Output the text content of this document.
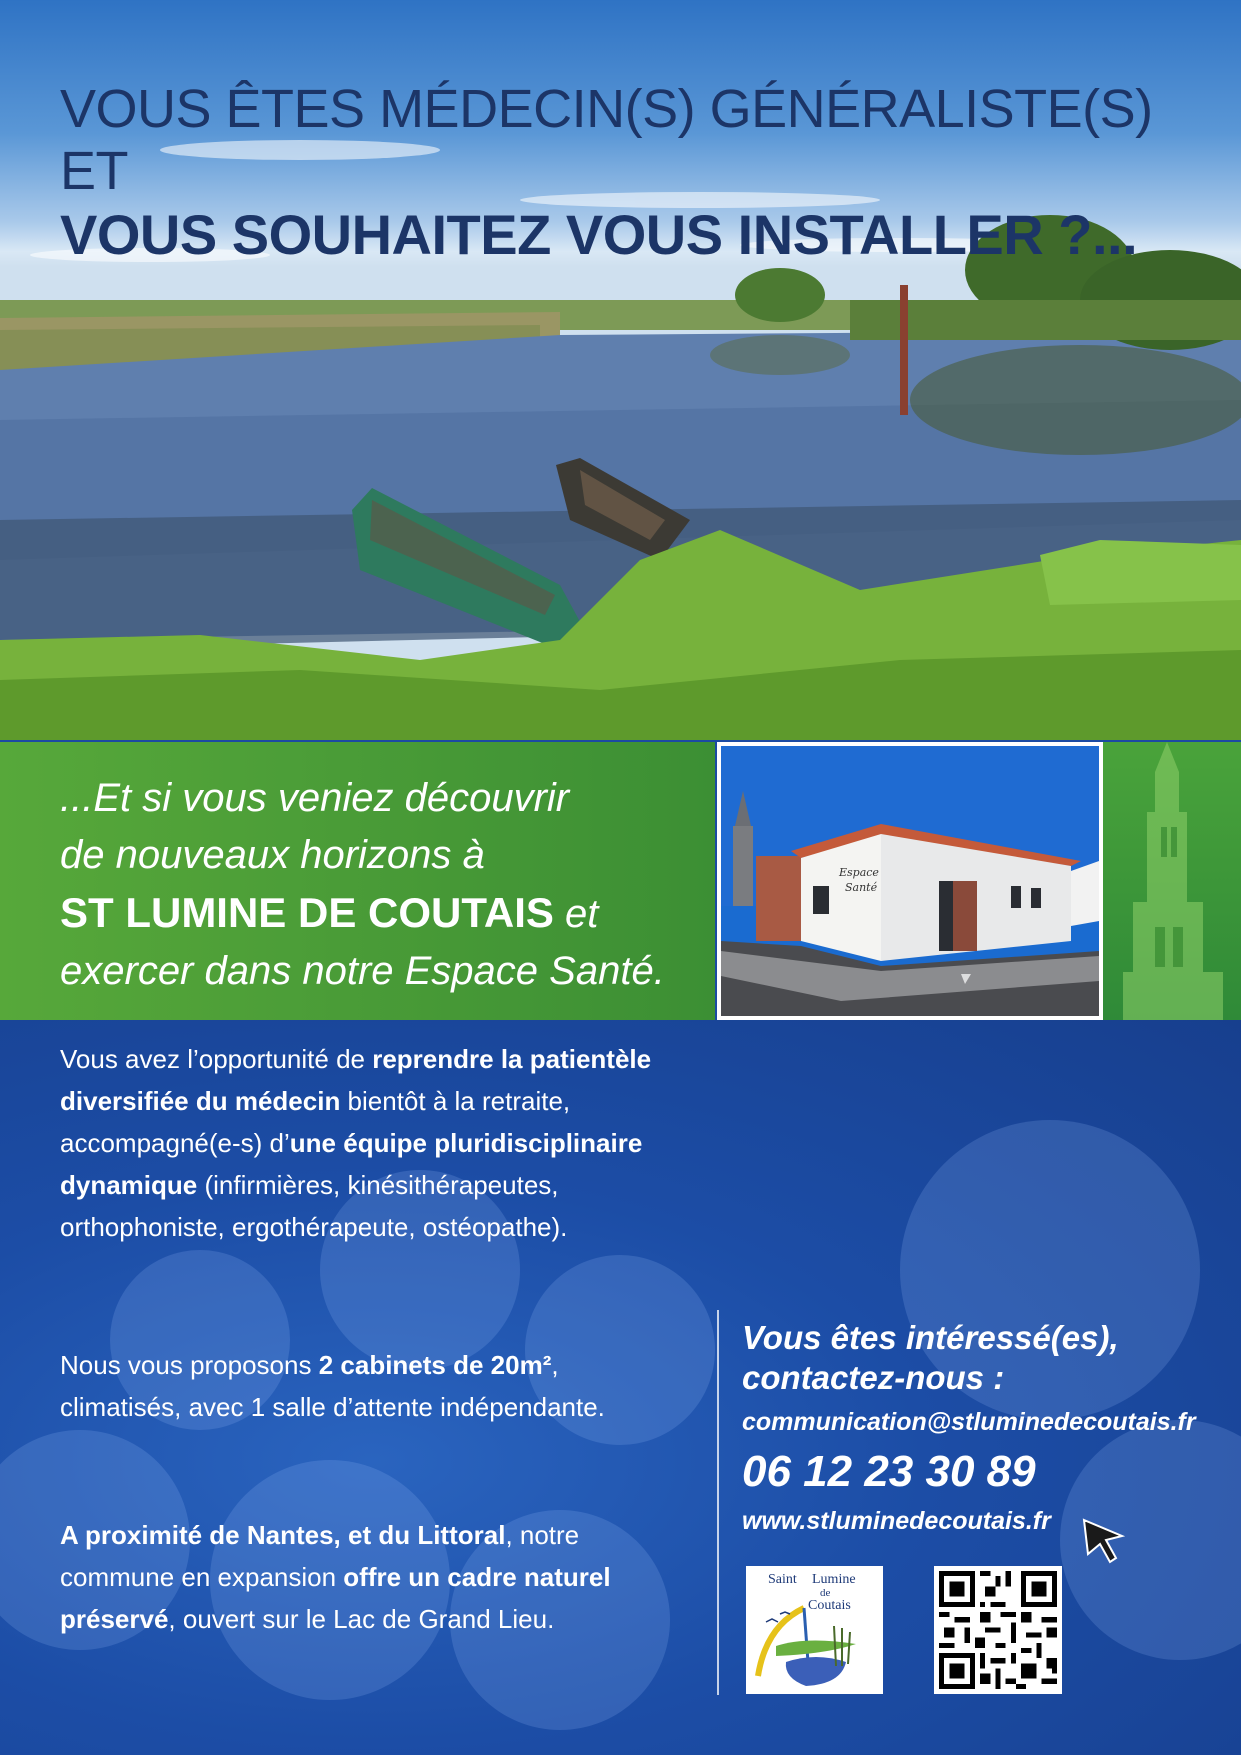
VOUS ÊTES MÉDECIN(S) GÉNÉRALISTE(S) ET
VOUS SOUHAITEZ VOUS INSTALLER ?...

...Et si vous veniez découvrir

de nouveaux horizons à

ST LUMINE DE COUTAIS et

exercer dans notre Espace Santé.

Espace
Santé
Vous avez l’opportunité de reprendre la patientèle diversifiée du médecin bientôt à la retraite, accompagné(e-s) d’une équipe pluridisciplinaire dynamique (infirmières, kinésithérapeutes, orthophoniste, ergothérapeute, ostéopathe).
Nous vous proposons 2 cabinets de 20m², climatisés, avec 1 salle d’attente indépendante.
A proximité de Nantes, et du Littoral, notre commune en expansion offre un cadre naturel préservé, ouvert sur le Lac de Grand Lieu.
Vous êtes intéressé(es),
contactez-nous :
communication@stluminedecoutais.fr
06 12 23 30 89
www.stluminedecoutais.fr
Saint Lumine
de
Coutais
